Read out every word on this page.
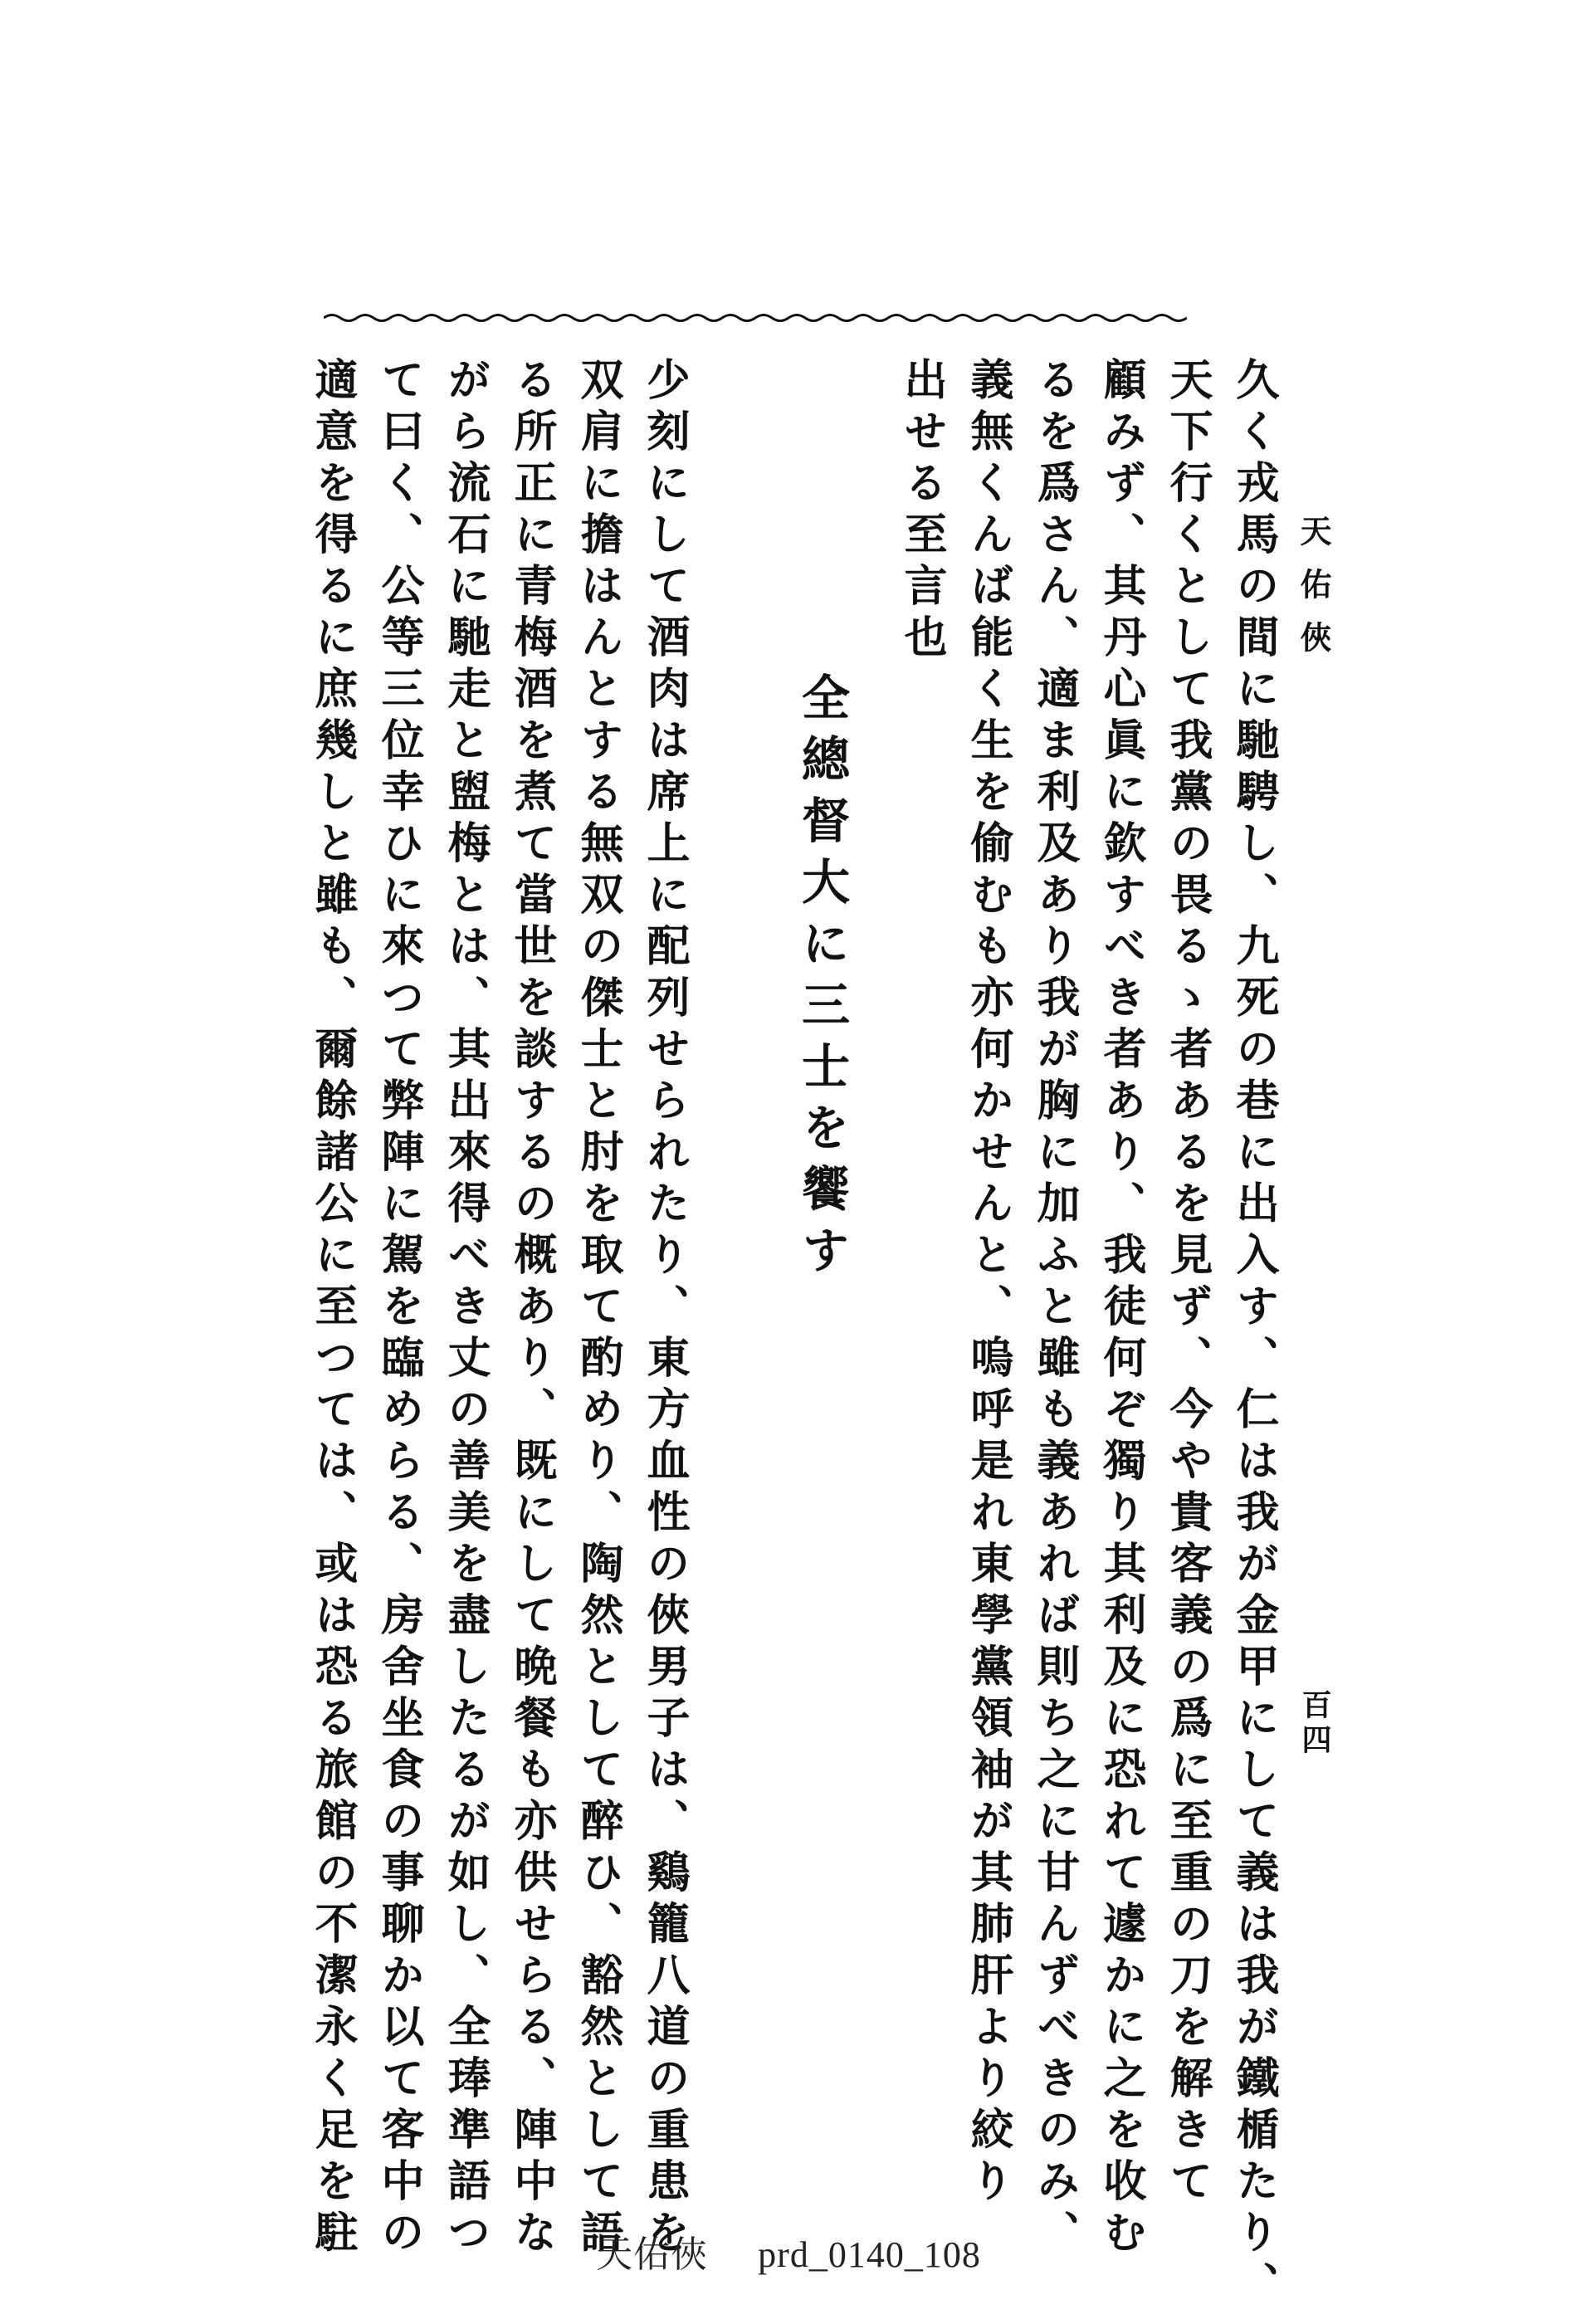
天佑俠
百四
久く戎馬の間に馳騁し、九死の巷に出入す、仁は我が金甲にして義は我が鐵楯たり、
天下行くとして我黨の畏るゝ者あるを見ず、今や貴客義の爲に至重の刀を解きて
顧みず、其丹心眞に欽すべき者あり、我徒何ぞ獨り其利及に恐れて遽かに之を收む
るを爲さん、適ま利及あり我が胸に加ふと雖も義あれば則ち之に甘んずべきのみ、
義無くんば能く生を偷むも亦何かせんと、嗚呼是れ東學黨領袖が其肺肝より絞り
出せる至言也
全總督大に三士を饗す
少刻にして酒肉は席上に配列せられたり、東方血性の俠男子は、鷄籠八道の重患を
双肩に擔はんとする無双の傑士と肘を取て酌めり、陶然として醉ひ、豁然として語
る所正に青梅酒を煮て當世を談するの概あり、既にして晩餐も亦供せらる、陣中な
がら流石に馳走と盥梅とは、其出來得べき丈の善美を盡したるが如し、全琫準語つ
て曰く、公等三位幸ひに來つて弊陣に駕を臨めらる、房舍坐食の事聊か以て客中の
適意を得るに庶幾しと雖も、爾餘諸公に至つては、或は恐る旅館の不潔永く足を駐	天佑俠 prd_0140_108
